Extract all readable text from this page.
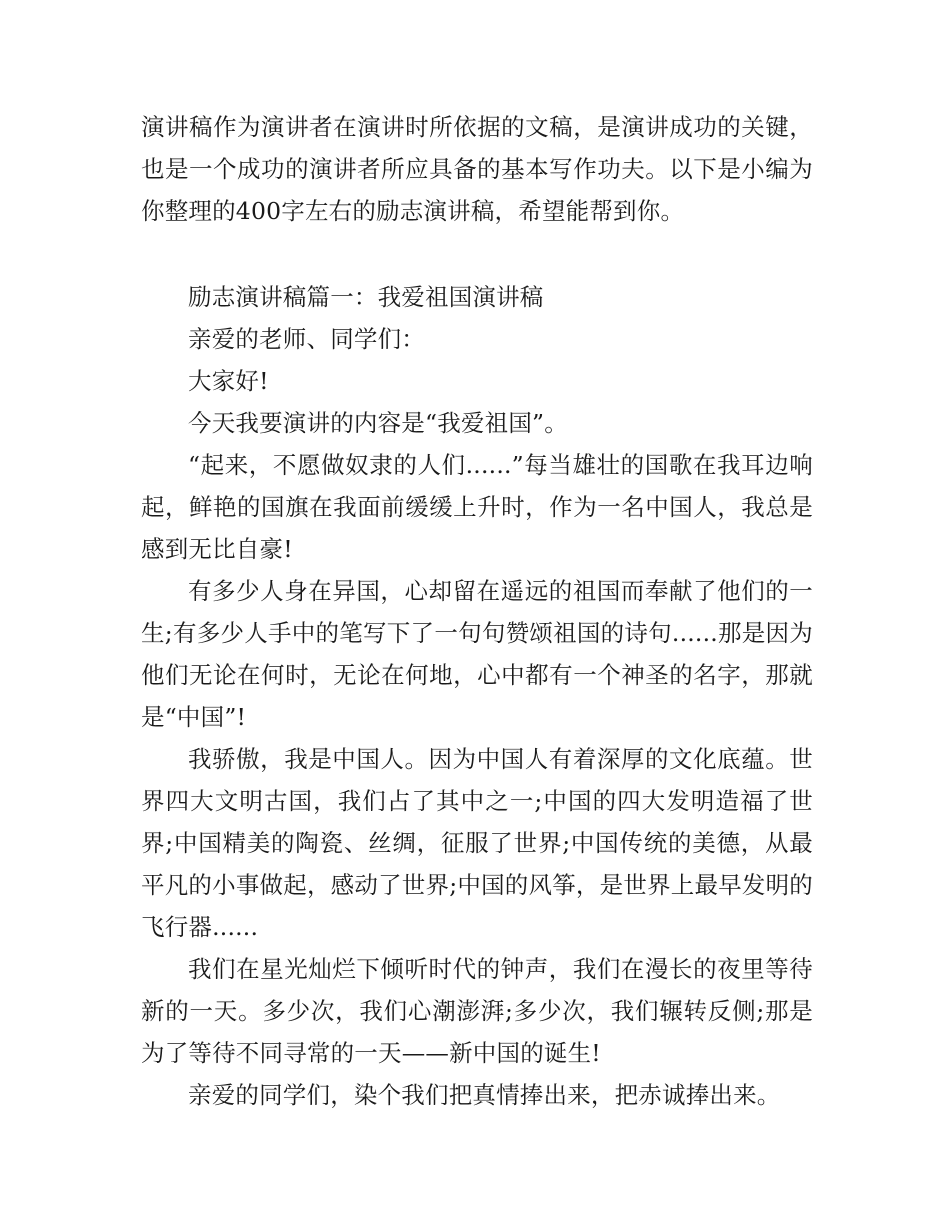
演讲稿作为演讲者在演讲时所依据的文稿，是演讲成功的关键，也是一个成功的演讲者所应具备的基本写作功夫。以下是小编为你整理的400字左右的励志演讲稿，希望能帮到你。

励志演讲稿篇一：我爱祖国演讲稿

亲爱的老师、同学们：

大家好!

今天我要演讲的内容是“我爱祖国”。

“起来，不愿做奴隶的人们......”每当雄壮的国歌在我耳边响起，鲜艳的国旗在我面前缓缓上升时，作为一名中国人，我总是感到无比自豪!

有多少人身在异国，心却留在遥远的祖国而奉献了他们的一生;有多少人手中的笔写下了一句句赞颂祖国的诗句......那是因为他们无论在何时，无论在何地，心中都有一个神圣的名字，那就是“中国”!

我骄傲，我是中国人。因为中国人有着深厚的文化底蕴。世界四大文明古国，我们占了其中之一;中国的四大发明造福了世界;中国精美的陶瓷、丝绸，征服了世界;中国传统的美德，从最平凡的小事做起，感动了世界;中国的风筝，是世界上最早发明的飞行器......

我们在星光灿烂下倾听时代的钟声，我们在漫长的夜里等待新的一天。多少次，我们心潮澎湃;多少次，我们辗转反侧;那是为了等待不同寻常的一天——新中国的诞生!

亲爱的同学们，染个我们把真情捧出来，把赤诚捧出来。
